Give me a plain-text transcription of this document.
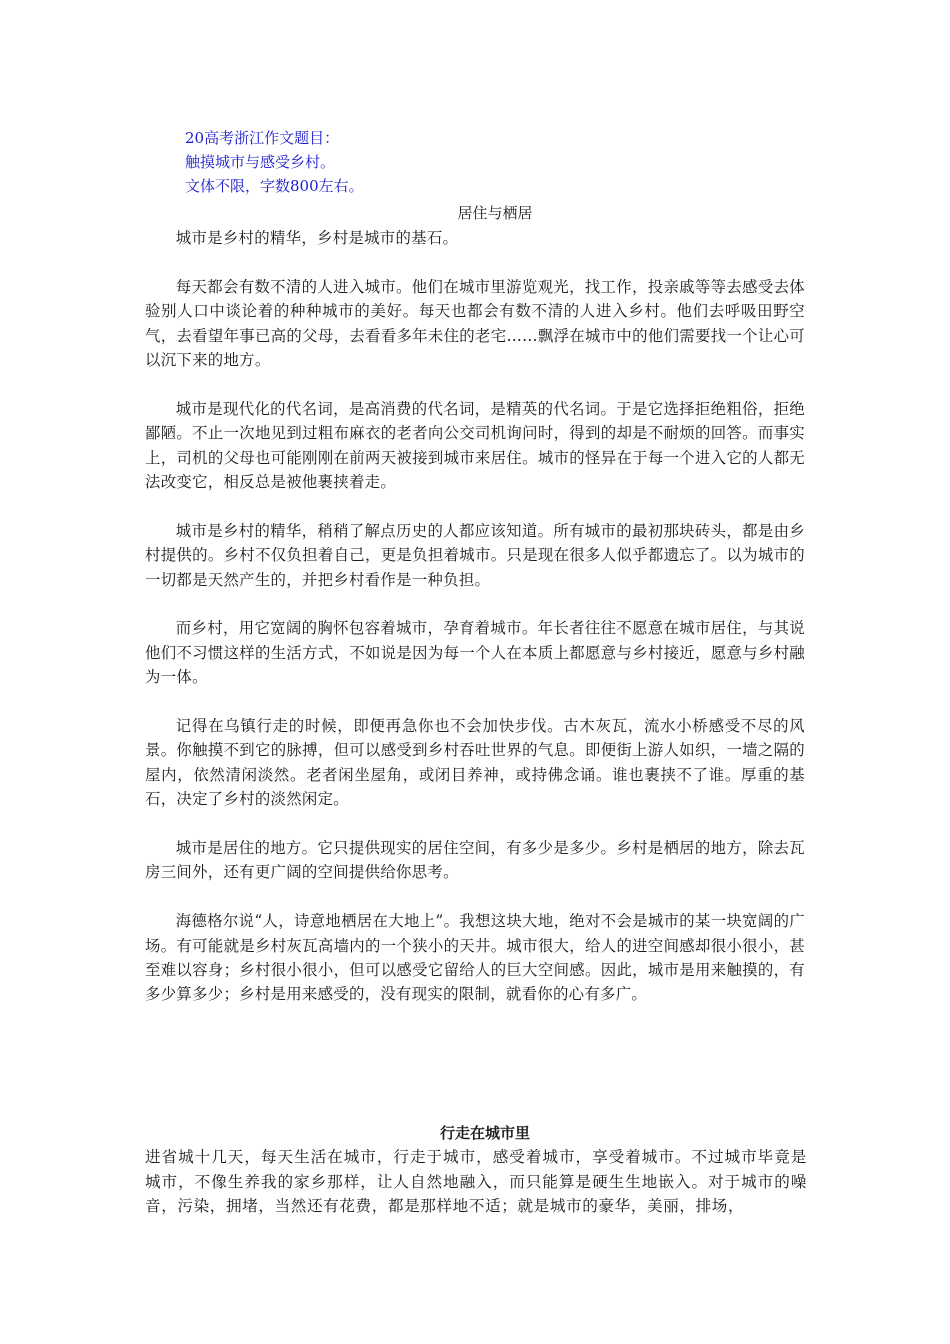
20高考浙江作文题目：
触摸城市与感受乡村。
文体不限，字数800左右。
居住与栖居

城市是乡村的精华，乡村是城市的基石。

每天都会有数不清的人进入城市。他们在城市里游览观光，找工作，投亲戚等等去感受去体验别人口中谈论着的种种城市的美好。每天也都会有数不清的人进入乡村。他们去呼吸田野空气，去看望年事已高的父母，去看看多年未住的老宅……飘浮在城市中的他们需要找一个让心可以沉下来的地方。

城市是现代化的代名词，是高消费的代名词，是精英的代名词。于是它选择拒绝粗俗，拒绝鄙陋。不止一次地见到过粗布麻衣的老者向公交司机询问时，得到的却是不耐烦的回答。而事实上，司机的父母也可能刚刚在前两天被接到城市来居住。城市的怪异在于每一个进入它的人都无法改变它，相反总是被他裹挟着走。

城市是乡村的精华，稍稍了解点历史的人都应该知道。所有城市的最初那块砖头，都是由乡村提供的。乡村不仅负担着自己，更是负担着城市。只是现在很多人似乎都遗忘了。以为城市的一切都是天然产生的，并把乡村看作是一种负担。

而乡村，用它宽阔的胸怀包容着城市，孕育着城市。年长者往往不愿意在城市居住，与其说他们不习惯这样的生活方式，不如说是因为每一个人在本质上都愿意与乡村接近，愿意与乡村融为一体。

记得在乌镇行走的时候，即便再急你也不会加快步伐。古木灰瓦，流水小桥感受不尽的风景。你触摸不到它的脉搏，但可以感受到乡村吞吐世界的气息。即便街上游人如织，一墙之隔的屋内，依然清闲淡然。老者闲坐屋角，或闭目养神，或持佛念诵。谁也裹挟不了谁。厚重的基石，决定了乡村的淡然闲定。

城市是居住的地方。它只提供现实的居住空间，有多少是多少。乡村是栖居的地方，除去瓦房三间外，还有更广阔的空间提供给你思考。

海德格尔说“人，诗意地栖居在大地上”。我想这块大地，绝对不会是城市的某一块宽阔的广场。有可能就是乡村灰瓦高墙内的一个狭小的天井。城市很大，给人的进空间感却很小很小，甚至难以容身；乡村很小很小，但可以感受它留给人的巨大空间感。因此，城市是用来触摸的，有多少算多少；乡村是用来感受的，没有现实的限制，就看你的心有多广。

行走在城市里
进省城十几天，每天生活在城市，行走于城市，感受着城市，享受着城市。不过城市毕竟是城市，不像生养我的家乡那样，让人自然地融入，而只能算是硬生生地嵌入。对于城市的噪音，污染，拥堵，当然还有花费，都是那样地不适；就是城市的豪华，美丽，排场，
